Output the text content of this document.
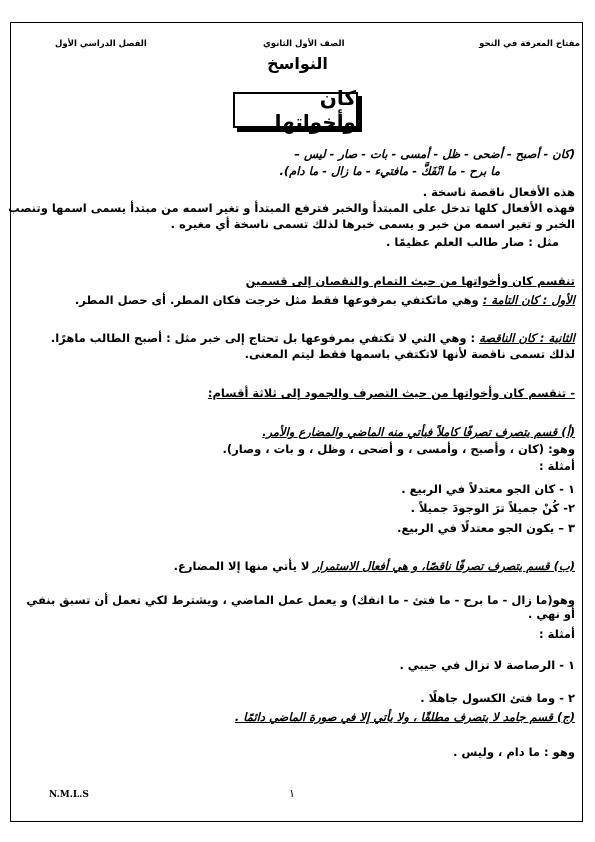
مفتاح المعرفة في النحو
الصف الأول الثانوي
الفصل الدراسي الأول
النواسخ
كان وأخواتها
(كان - أصبح - أضحى - ظل - أمسى - بات - صار - ليس –
ما برح - ما انْفَكَّ - مافتيء - ما زال - ما دام).
هذه الأفعال ناقصة ناسخة .
فهذه الأفعال كلها تدخل على المبتدأ والخبر فترفع المبتدأ و تغير اسمه من مبتدأ يسمى اسمها وتنصب
الخبر و تغير اسمه من خبر و يسمى خبرها لذلك تسمى ناسخة أي مغيره .
مثل : صار طالب العلم عظيمًا .
تنقسم كان وأخواتها من حيث التمام والنقصان إلى قسمين
الأول : كان التامة : وهي ماتكتفي بمرفوعها فقط مثل خرجت فكان المطر. أى حصل المطر.
الثانية : كان الناقصة : وهي التي لا تكتفي بمرفوعها بل تحتاج إلى خبر مثل : أصبح الطالب ماهرًا.
لذلك تسمى ناقصة لأنها لاتكتفي باسمها فقط ليتم المعنى.
- تنقسم كان وأخواتها من حيث التصرف والجمود إلى ثلاثة أقسام:
(أ) قسم يتصرف تصرفًا كاملاً فيأتي منه الماضي والمضارع والأمر.
وهو: (كان ، وأصبح ، وأمسى ، و أضحى ، وظل ، و بات ، وصار).
أمثلة :
١ - كان الجو معتدلاً في الربيع .
٢- كُنْ جميلاً ترَ الوجودَ جميلاً .
٣ – يكون الجو معتدلًا في الربيع.
(ب) قسم يتصرف تصرفًا ناقصًا، و هي أفعال الاستمرار لا يأتي منها إلا المضارع.
وهو(ما زال - ما برح - ما فتئ - ما انفك) و يعمل عمل الماضي ، ويشترط لكي تعمل أن تسبق بنفي أو نهي .
أمثلة :
١ - الرصاصة لا تزال في جيبي .
٢ - وما فتئ الكسول جاهلًا .
(ج) قسم جامد لا يتصرف مطلقًا ، ولا يأتي إلا في صورة الماضي دائمًا .
وهو : ما دام ، وليس .
N.M.L.S	١
